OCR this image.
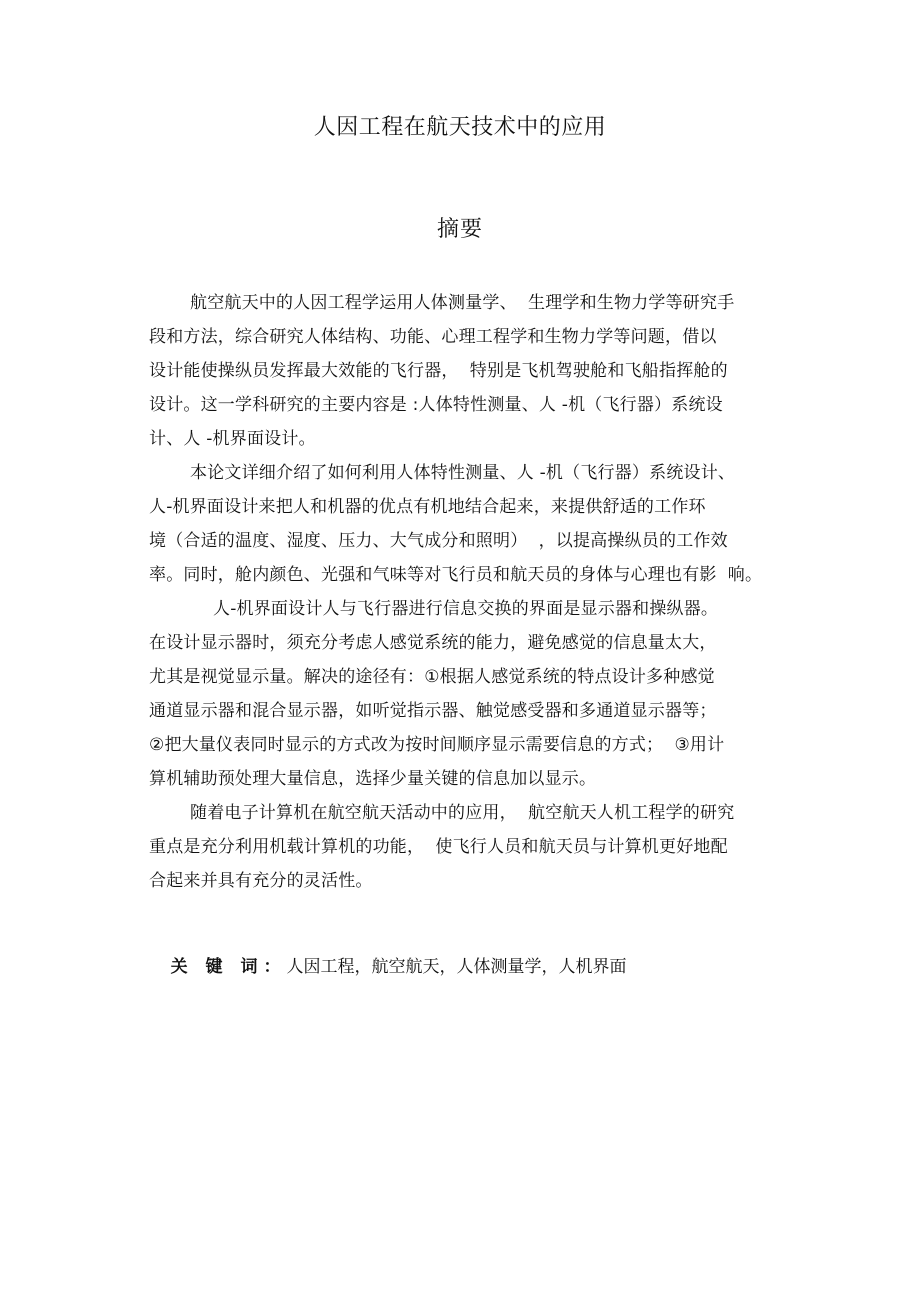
人因工程在航天技术中的应用
摘要
航空航天中的人因工程学运用人体测量学、  生理学和生物力学等研究手
段和方法，综合研究人体结构、功能、心理工程学和生物力学等问题，借以
设计能使操纵员发挥最大效能的飞行器，  特别是飞机驾驶舱和飞船指挥舱的
设计。这一学科研究的主要内容是 :人体特性测量、人 -机（飞行器）系统设
计、人 -机界面设计。
本论文详细介绍了如何利用人体特性测量、人 -机（飞行器）系统设计、
人-机界面设计来把人和机器的优点有机地结合起来，来提供舒适的工作环
境（合适的温度、湿度、压力、大气成分和照明）  ，以提高操纵员的工作效
率。同时，舱内颜色、光强和气味等对飞行员和航天员的身体与心理也有影  响。
人-机界面设计人与飞行器进行信息交换的界面是显示器和操纵器。
在设计显示器时，须充分考虑人感觉系统的能力，避免感觉的信息量太大，
尤其是视觉显示量。解决的途径有：①根据人感觉系统的特点设计多种感觉
通道显示器和混合显示器，如听觉指示器、触觉感受器和多通道显示器等；
②把大量仪表同时显示的方式改为按时间顺序显示需要信息的方式；  ③用计
算机辅助预处理大量信息，选择少量关键的信息加以显示。
随着电子计算机在航空航天活动中的应用，  航空航天人机工程学的研究
重点是充分利用机载计算机的功能，  使飞行人员和航天员与计算机更好地配
合起来并具有充分的灵活性。

关 键 词：人因工程，航空航天，人体测量学，人机界面
